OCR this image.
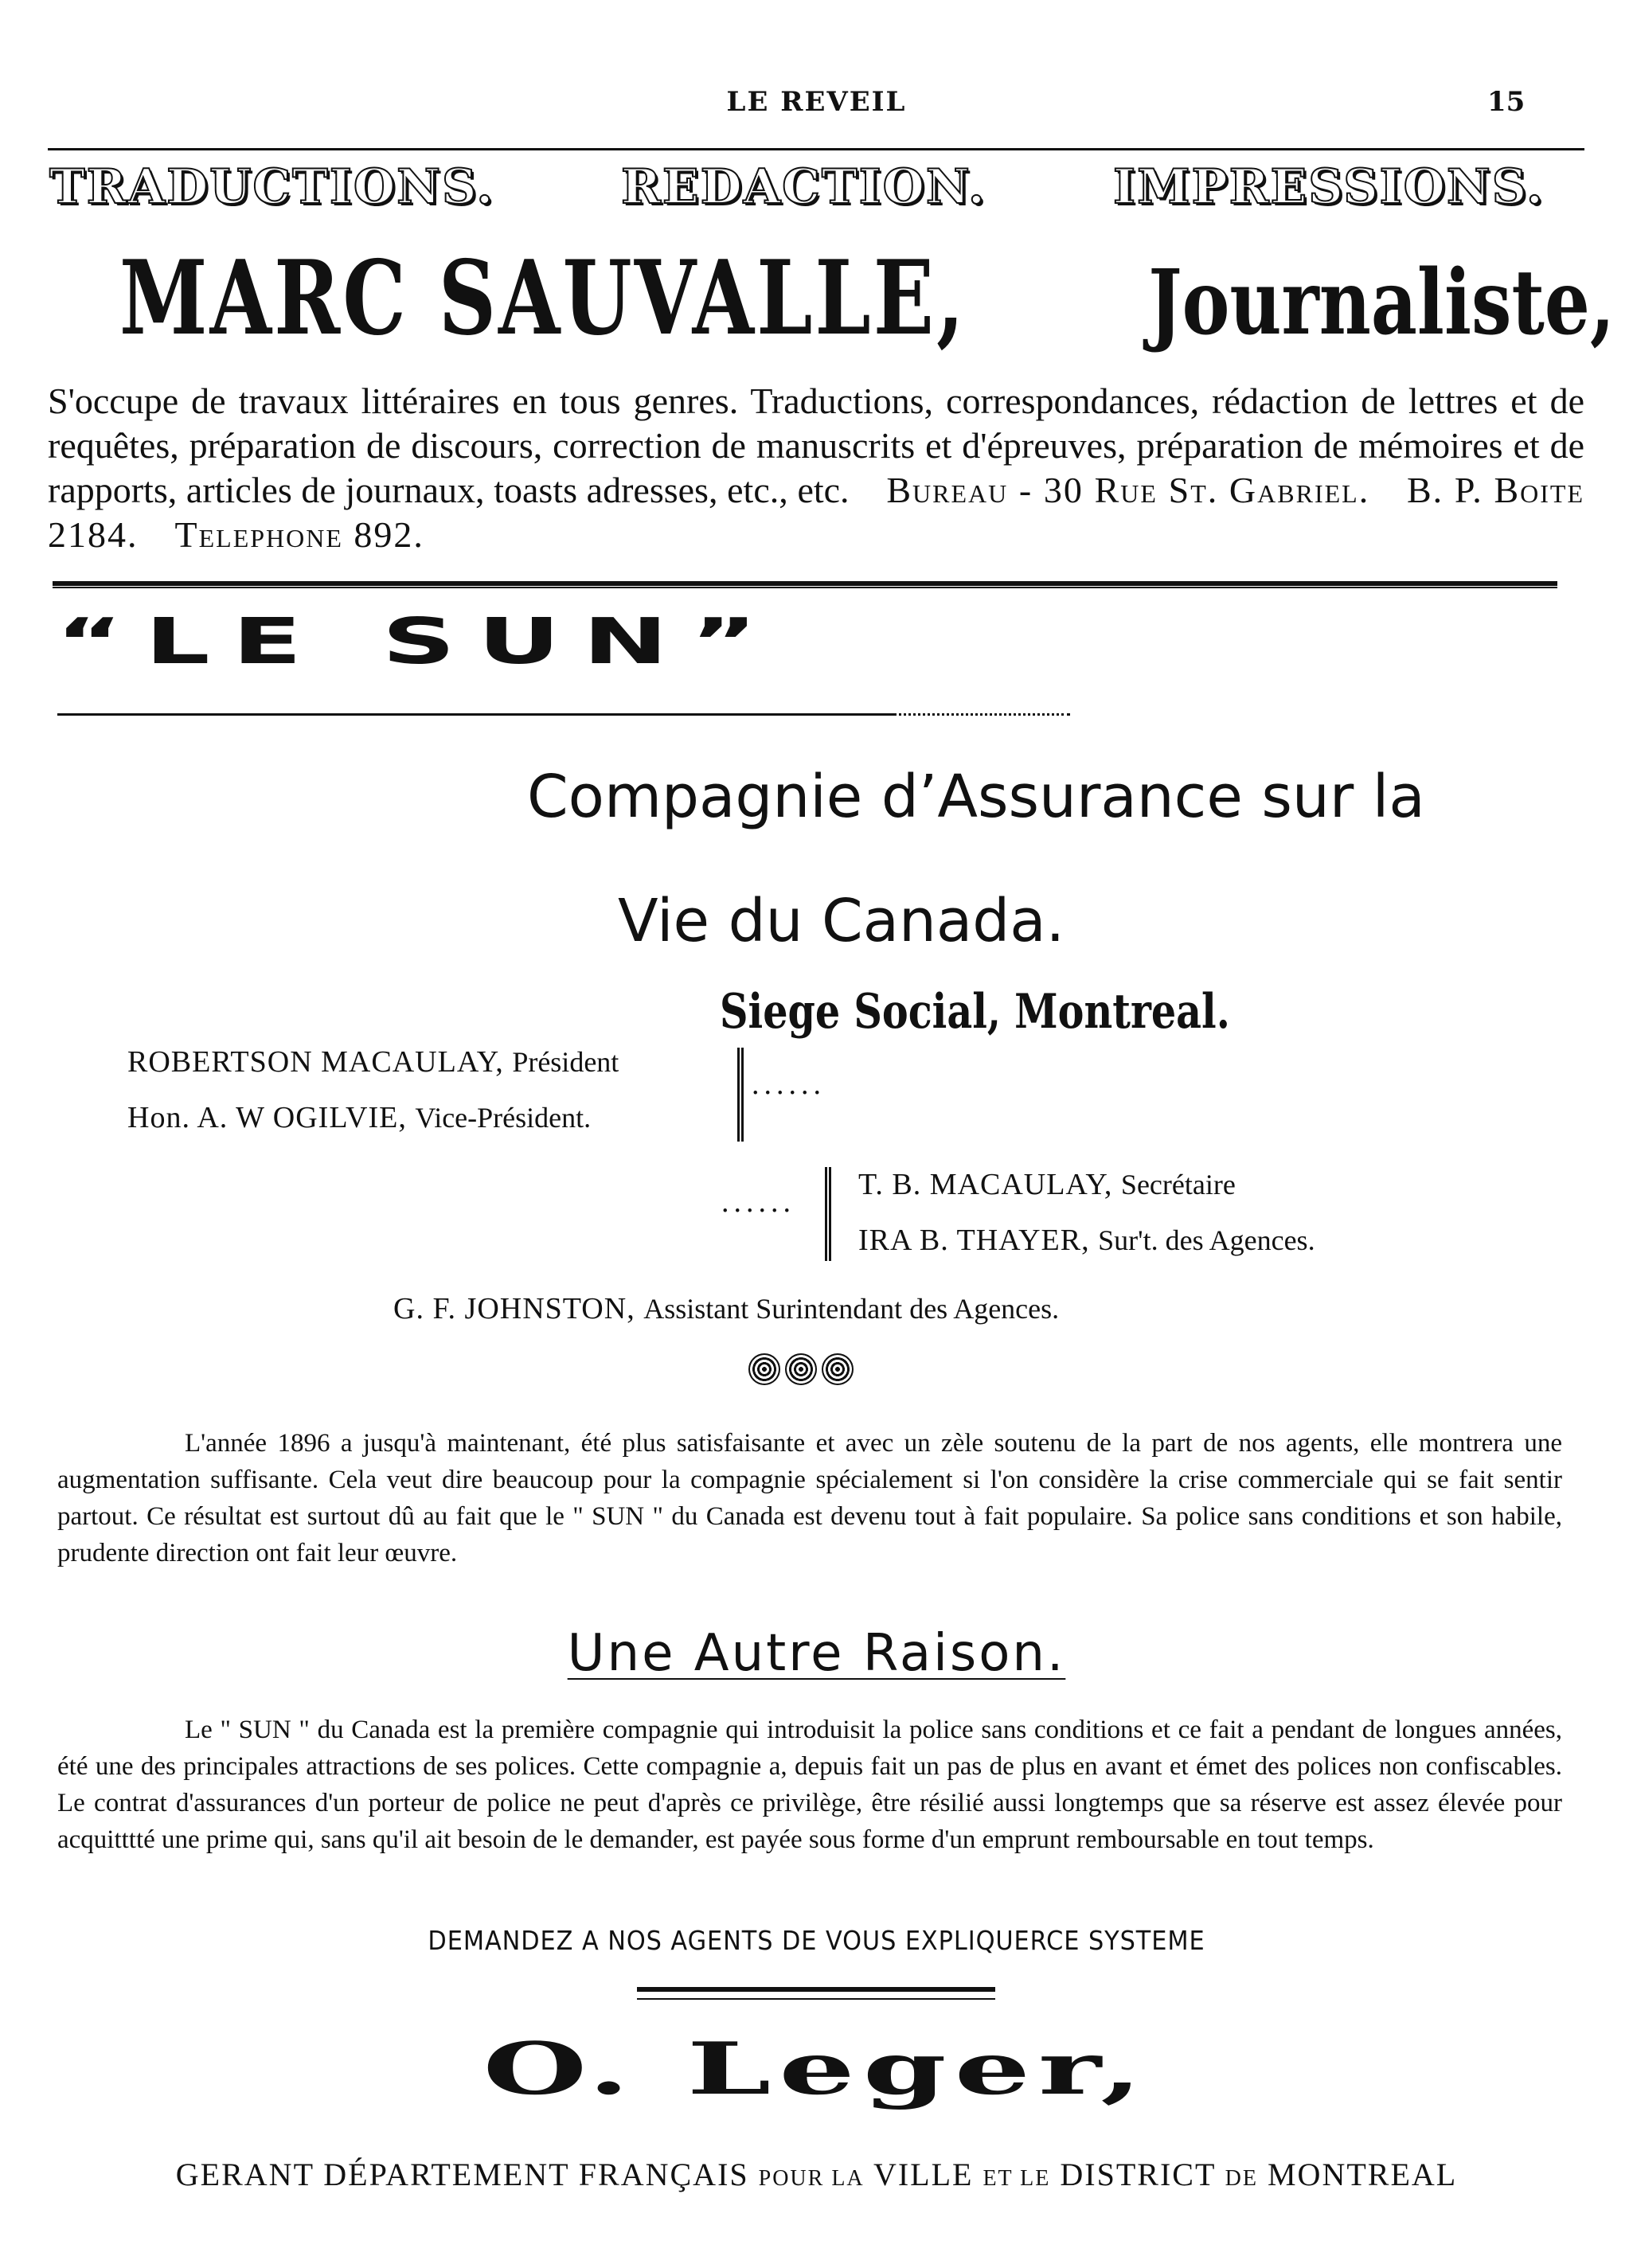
LE REVEIL	15
TRADUCTIONS.	REDACTION.	IMPRESSIONS.
MARC SAUVALLE, Journaliste,
S'occupe de travaux littéraires en tous genres. Traductions, correspondances, rédaction de lettres et de requêtes, préparation de discours, correction de manuscrits et d'épreuves, préparation de mémoires et de rapports, articles de journaux, toasts adresses, etc., etc. Bureau - 30 Rue St. Gabriel. B. P. Boite 2184. Telephone 892.
“LE SUN”
Compagnie d’Assurance sur la
Vie du Canada.
Siege Social, Montreal.
ROBERTSON MACAULAY, Président
Hon. A. W OGILVIE, Vice-Président.
......
......
T. B. MACAULAY, Secrétaire
IRA B. THAYER, Sur't. des Agences.
G. F. JOHNSTON, Assistant Surintendant des Agences.
L'année 1896 a jusqu'à maintenant, été plus satisfaisante et avec un zèle soutenu de la part de nos agents, elle montrera une augmentation suffisante. Cela veut dire beaucoup pour la compagnie spécialement si l'on considère la crise commerciale qui se fait sentir partout. Ce résultat est surtout dû au fait que le " SUN " du Canada est devenu tout à fait populaire. Sa police sans conditions et son habile, prudente direction ont fait leur œuvre.
Une Autre Raison.
Le " SUN " du Canada est la première compagnie qui introduisit la police sans conditions et ce fait a pendant de longues années, été une des principales attractions de ses polices. Cette compagnie a, depuis fait un pas de plus en avant et émet des polices non confiscables. Le contrat d'assurances d'un porteur de police ne peut d'après ce privilège, être résilié aussi longtemps que sa réserve est assez élevée pour acquitttté une prime qui, sans qu'il ait besoin de le demander, est payée sous forme d'un emprunt remboursable en tout temps.
DEMANDEZ A NOS AGENTS DE VOUS EXPLIQUERCE SYSTEME
O. Leger,
GERANT DÉPARTEMENT FRANÇAIS POUR LA VILLE ET LE DISTRICT DE MONTREAL
